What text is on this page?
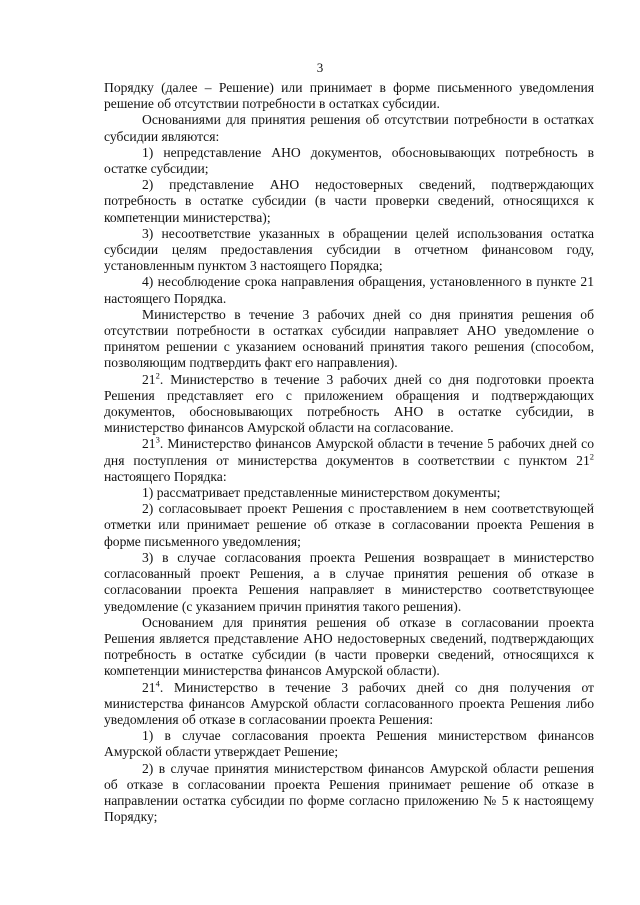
3

Порядку (далее – Решение) или принимает в форме письменного уведомления решение об отсутствии потребности в остатках субсидии.

Основаниями для принятия решения об отсутствии потребности в остатках субсидии являются:

1) непредставление АНО документов, обосновывающих потребность в остатке субсидии;

2) представление АНО недостоверных сведений, подтверждающих потребность в остатке субсидии (в части проверки сведений, относящихся к компетенции министерства);

3) несоответствие указанных в обращении целей использования остатка субсидии целям предоставления субсидии в отчетном финансовом году, установленным пунктом 3 настоящего Порядка;

4) несоблюдение срока направления обращения, установленного в пункте 21 настоящего Порядка.

Министерство в течение 3 рабочих дней со дня принятия решения об отсутствии потребности в остатках субсидии направляет АНО уведомление о принятом решении с указанием оснований принятия такого решения (способом, позволяющим подтвердить факт его направления).

$21^2$. Министерство в течение 3 рабочих дней со дня подготовки проекта Решения представляет его с приложением обращения и подтверждающих документов, обосновывающих потребность АНО в остатке субсидии, в министерство финансов Амурской области на согласование.

$21^3$. Министерство финансов Амурской области в течение 5 рабочих дней со дня поступления от министерства документов в соответствии с пунктом $21^2$ настоящего Порядка:

1) рассматривает представленные министерством документы;

2) согласовывает проект Решения с проставлением в нем соответствующей отметки или принимает решение об отказе в согласовании проекта Решения в форме письменного уведомления;

3) в случае согласования проекта Решения возвращает в министерство согласованный проект Решения, а в случае принятия решения об отказе в согласовании проекта Решения направляет в министерство соответствующее уведомление (с указанием причин принятия такого решения).

Основанием для принятия решения об отказе в согласовании проекта Решения является представление АНО недостоверных сведений, подтверждающих потребность в остатке субсидии (в части проверки сведений, относящихся к компетенции министерства финансов Амурской области).

$21^4$. Министерство в течение 3 рабочих дней со дня получения от министерства финансов Амурской области согласованного проекта Решения либо уведомления об отказе в согласовании проекта Решения:

1) в случае согласования проекта Решения министерством финансов Амурской области утверждает Решение;

2) в случае принятия министерством финансов Амурской области решения об отказе в согласовании проекта Решения принимает решение об отказе в направлении остатка субсидии по форме согласно приложению № 5 к настоящему Порядку;
